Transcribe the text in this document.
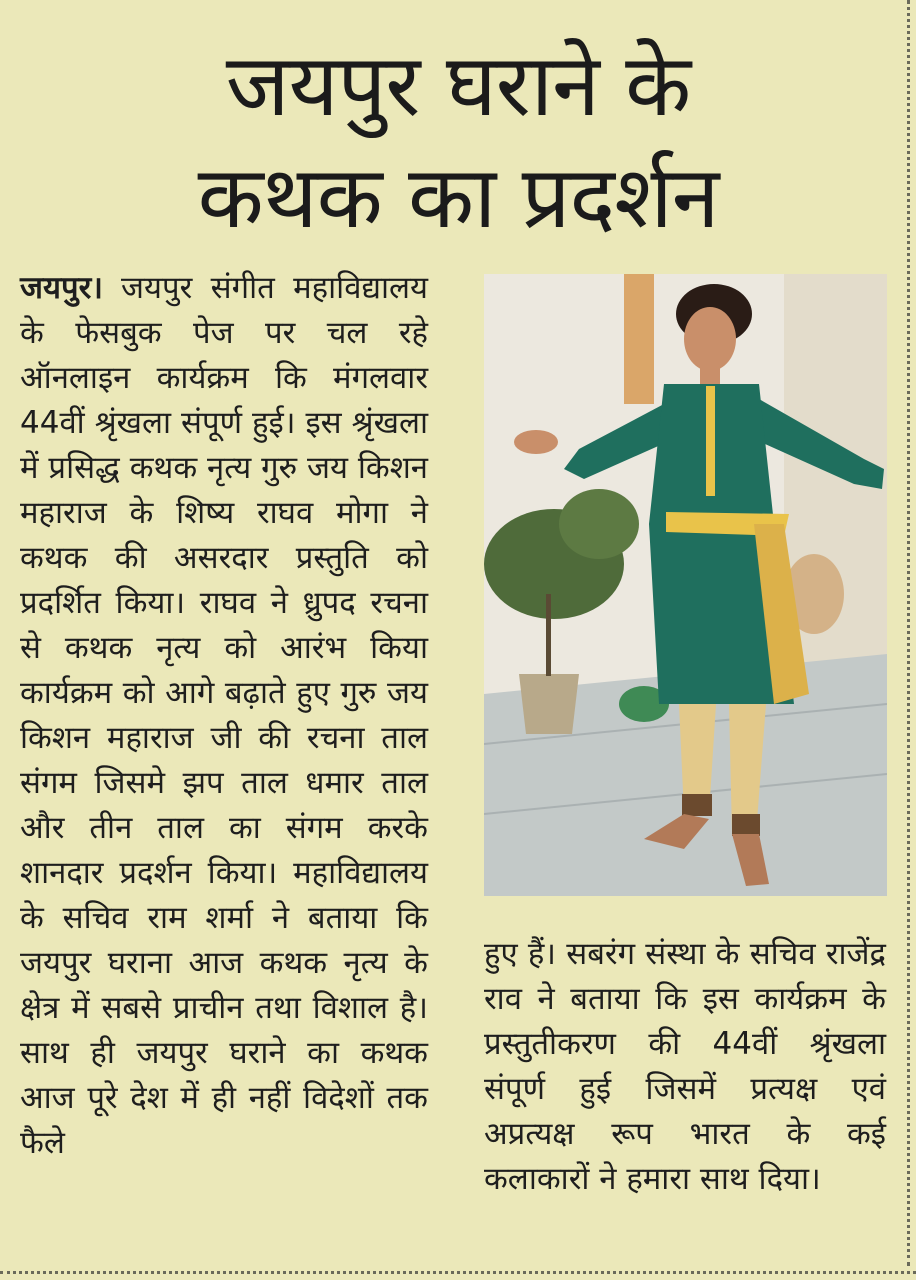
जयपुर घराने के
कथक का प्रदर्शन

जयपुर। जयपुर संगीत महाविद्यालय के फेसबुक पेज पर चल रहे ऑनलाइन कार्यक्रम कि मंगलवार 44वीं श्रृंखला संपूर्ण हुई। इस श्रृंखला में प्रसिद्ध कथक नृत्य गुरु जय किशन महाराज के शिष्य राघव मोगा ने कथक की असरदार प्रस्तुति को प्रदर्शित किया। राघव ने ध्रुपद रचना से कथक नृत्य को आरंभ किया कार्यक्रम को आगे बढ़ाते हुए गुरु जय किशन महाराज जी की रचना ताल संगम जिसमे झप ताल धमार ताल और तीन ताल का संगम करके शानदार प्रदर्शन किया। महाविद्यालय के सचिव राम शर्मा ने बताया कि जयपुर घराना आज कथक नृत्य के क्षेत्र में सबसे प्राचीन तथा विशाल है। साथ ही जयपुर घराने का कथक आज पूरे देश में ही नहीं विदेशों तक फैले

हुए हैं। सबरंग संस्था के सचिव राजेंद्र राव ने बताया कि इस कार्यक्रम के प्रस्तुतीकरण की 44वीं श्रृंखला संपूर्ण हुई जिसमें प्रत्यक्ष एवं अप्रत्यक्ष रूप भारत के कई कलाकारों ने हमारा साथ दिया।
